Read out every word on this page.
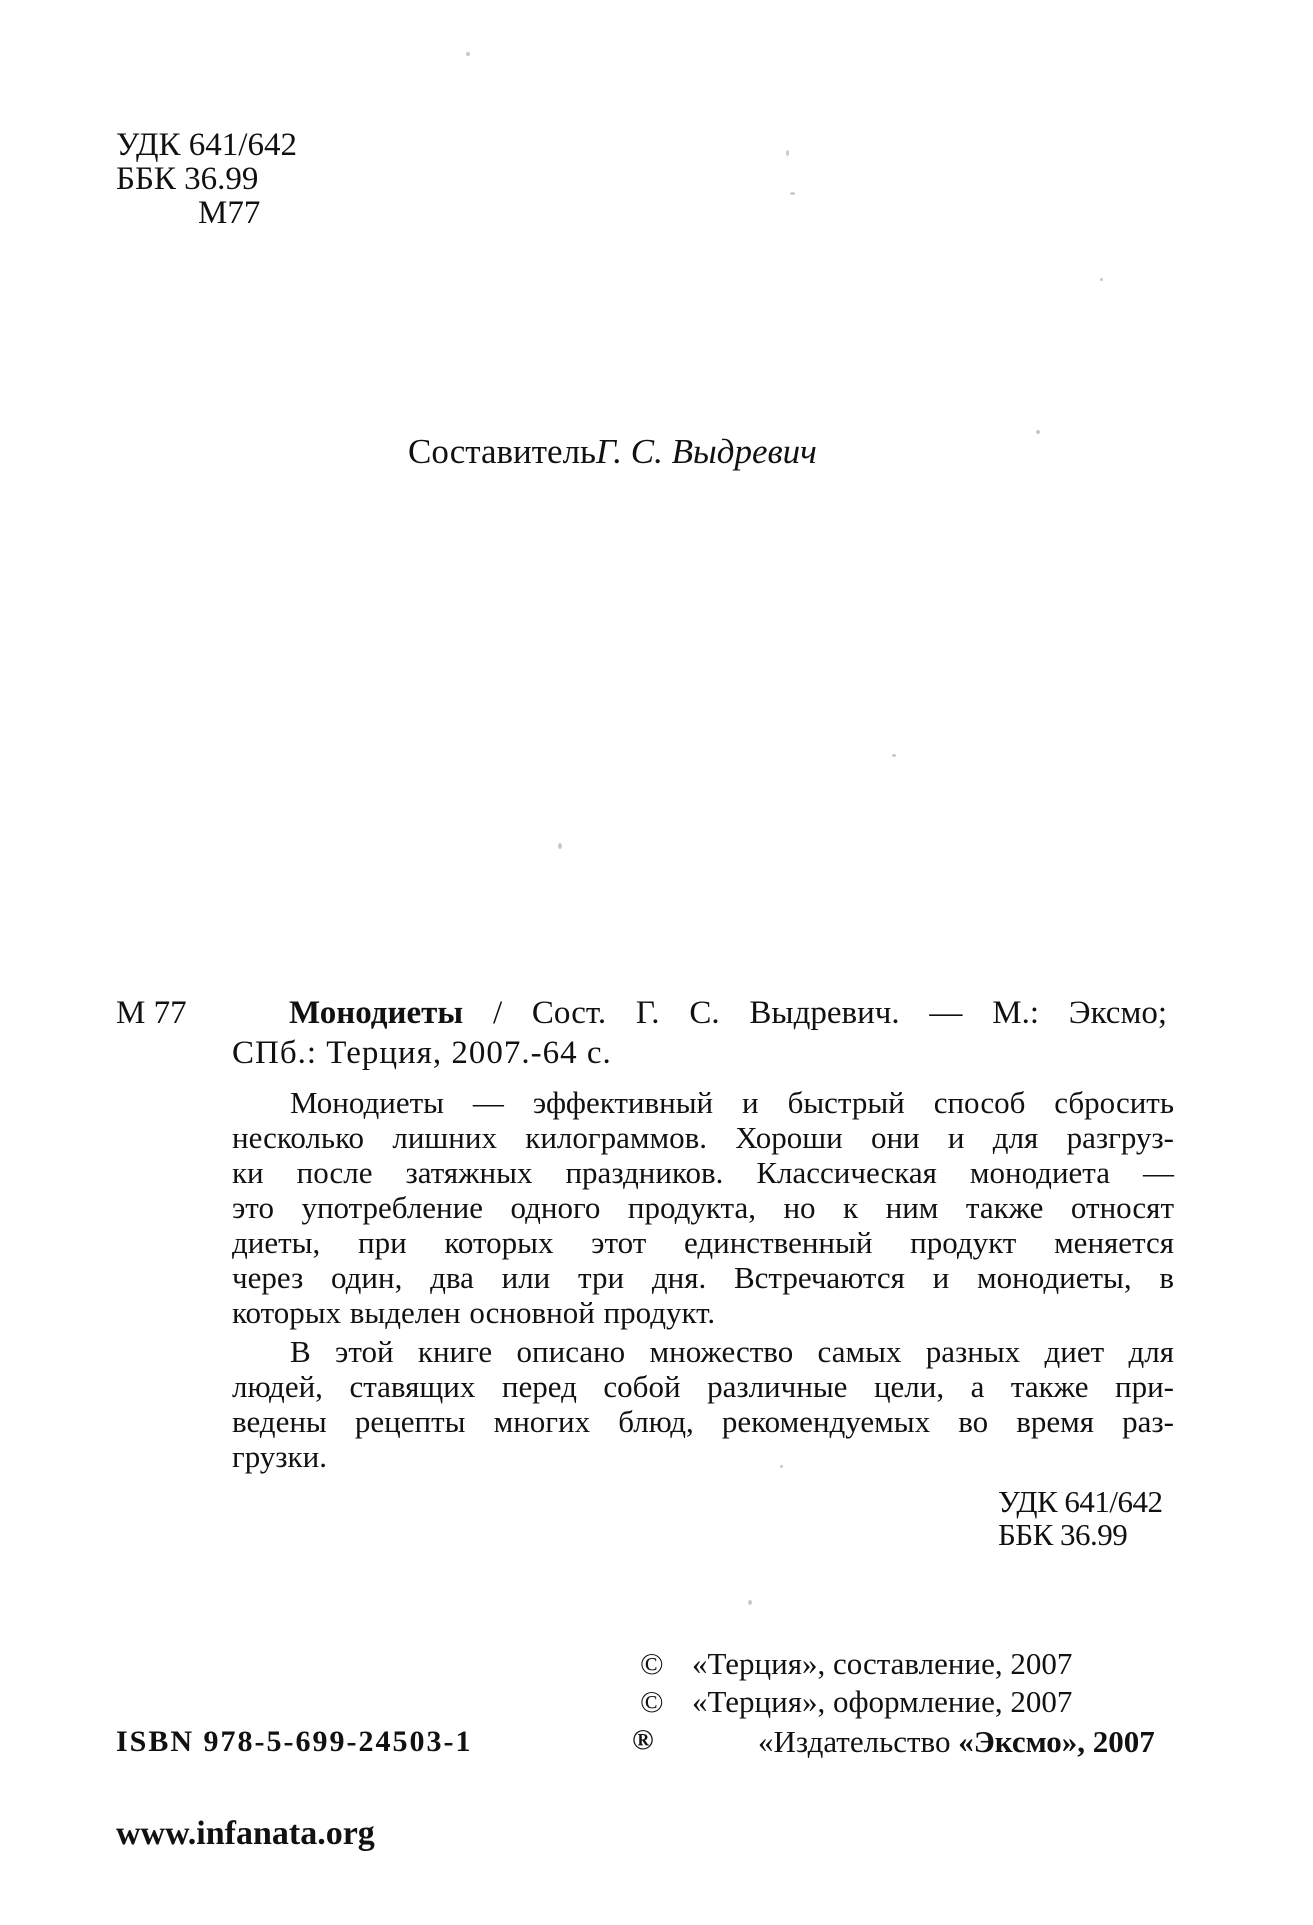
УДК 641/642
ББК 36.99
М77
СоставительГ. С. Выдревич
М 77	Монодиеты / Сост. Г. С. Выдревич. — М.: Эксмо;
СПб.: Терция, 2007.-64 с.
Монодиеты — эффективный и быстрый способ сбросить
несколько лишних килограммов. Хороши они и для разгруз-
ки после затяжных праздников. Классическая монодиета —
это употребление одного продукта, но к ним также относят
диеты, при которых этот единственный продукт меняется
через один, два или три дня. Встречаются и монодиеты, в
которых выделен основной продукт.
В этой книге описано множество самых разных диет для
людей, ставящих перед собой различные цели, а также при-
ведены рецепты многих блюд, рекомендуемых во время раз-
грузки.
УДК 641/642
ББК 36.99
© «Терция», составление, 2007
© «Терция», оформление, 2007
®	«Издательство «Эксмо», 2007
ISBN 978-5-699-24503-1
www.infanata.org
